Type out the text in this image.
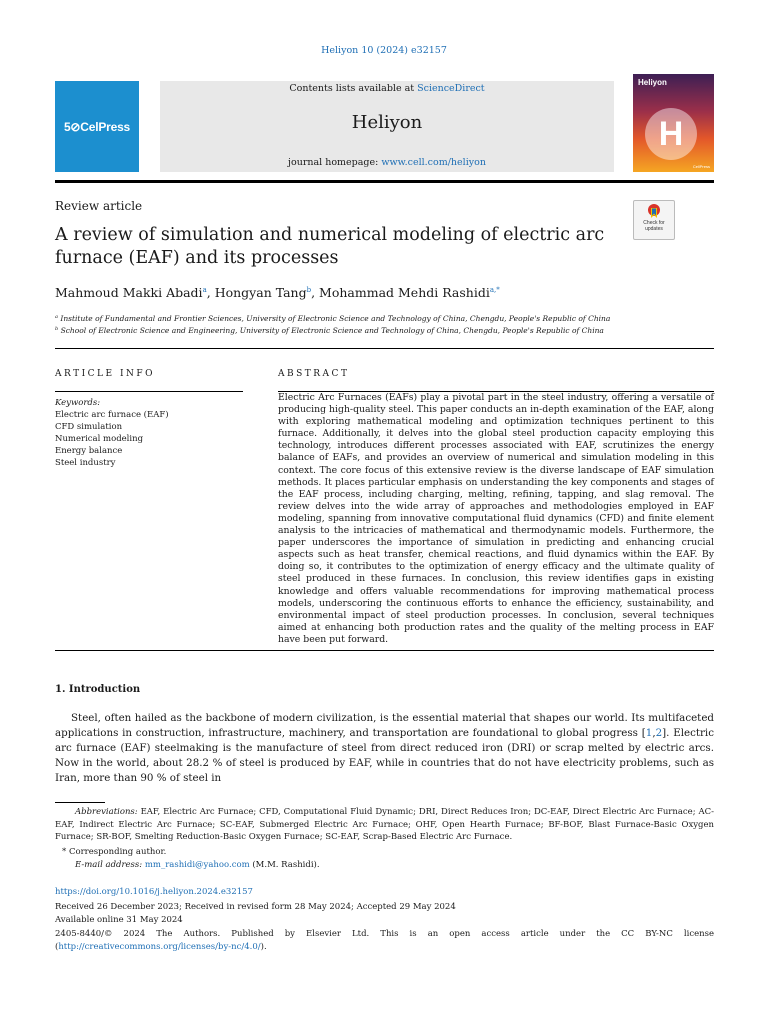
Heliyon 10 (2024) e32157
5⊘CelPress
Contents lists available at ScienceDirect
Heliyon
journal homepage: www.cell.com/heliyon
Heliyon
H
CellPress
Review article
Check for
updates
A review of simulation and numerical modeling of electric arc furnace (EAF) and its processes
Mahmoud Makki Abadi$^a$, Hongyan Tang$^b$, Mohammad Mehdi Rashidi$^{a,*}$
$^a$ Institute of Fundamental and Frontier Sciences, University of Electronic Science and Technology of China, Chengdu, People's Republic of China
$^b$ School of Electronic Science and Engineering, University of Electronic Science and Technology of China, Chengdu, People's Republic of China
ARTICLE INFO	ABSTRACT
Keywords:
Electric arc furnace (EAF)
CFD simulation
Numerical modeling
Energy balance
Steel industry
Electric Arc Furnaces (EAFs) play a pivotal part in the steel industry, offering a versatile of producing high-quality steel. This paper conducts an in-depth examination of the EAF, along with exploring mathematical modeling and optimization techniques pertinent to this furnace. Additionally, it delves into the global steel production capacity employing this technology, introduces different processes associated with EAF, scrutinizes the energy balance of EAFs, and provides an overview of numerical and simulation modeling in this context. The core focus of this extensive review is the diverse landscape of EAF simulation methods. It places particular emphasis on understanding the key components and stages of the EAF process, including charging, melting, refining, tapping, and slag removal. The review delves into the wide array of approaches and methodologies employed in EAF modeling, spanning from innovative computational fluid dynamics (CFD) and finite element analysis to the intricacies of mathematical and thermodynamic models. Furthermore, the paper underscores the importance of simulation in predicting and enhancing crucial aspects such as heat transfer, chemical reactions, and fluid dynamics within the EAF. By doing so, it contributes to the optimization of energy efficacy and the ultimate quality of steel produced in these furnaces. In conclusion, this review identifies gaps in existing knowledge and offers valuable recommendations for improving mathematical process models, underscoring the continuous efforts to enhance the efficiency, sustainability, and environmental impact of steel production processes. In conclusion, several techniques aimed at enhancing both production rates and the quality of the melting process in EAF have been put forward.
1. Introduction
Steel, often hailed as the backbone of modern civilization, is the essential material that shapes our world. Its multifaceted applications in construction, infrastructure, machinery, and transportation are foundational to global progress [1,2]. Electric arc furnace (EAF) steelmaking is the manufacture of steel from direct reduced iron (DRI) or scrap melted by electric arcs. Now in the world, about 28.2 % of steel is produced by EAF, while in countries that do not have electricity problems, such as Iran, more than 90 % of steel in
Abbreviations: EAF, Electric Arc Furnace; CFD, Computational Fluid Dynamic; DRI, Direct Reduces Iron; DC-EAF, Direct Electric Arc Furnace; AC-EAF, Indirect Electric Arc Furnace; SC-EAF, Submerged Electric Arc Furnace; OHF, Open Hearth Furnace; BF-BOF, Blast Furnace-Basic Oxygen Furnace; SR-BOF, Smelting Reduction-Basic Oxygen Furnace; SC-EAF, Scrap-Based Electric Arc Furnace.
* Corresponding author.
E-mail address: mm_rashidi@yahoo.com (M.M. Rashidi).
https://doi.org/10.1016/j.heliyon.2024.e32157
Received 26 December 2023; Received in revised form 28 May 2024; Accepted 29 May 2024
Available online 31 May 2024
2405-8440/© 2024 The Authors. Published by Elsevier Ltd. This is an open access article under the CC BY-NC license (http://creativecommons.org/licenses/by-nc/4.0/).
